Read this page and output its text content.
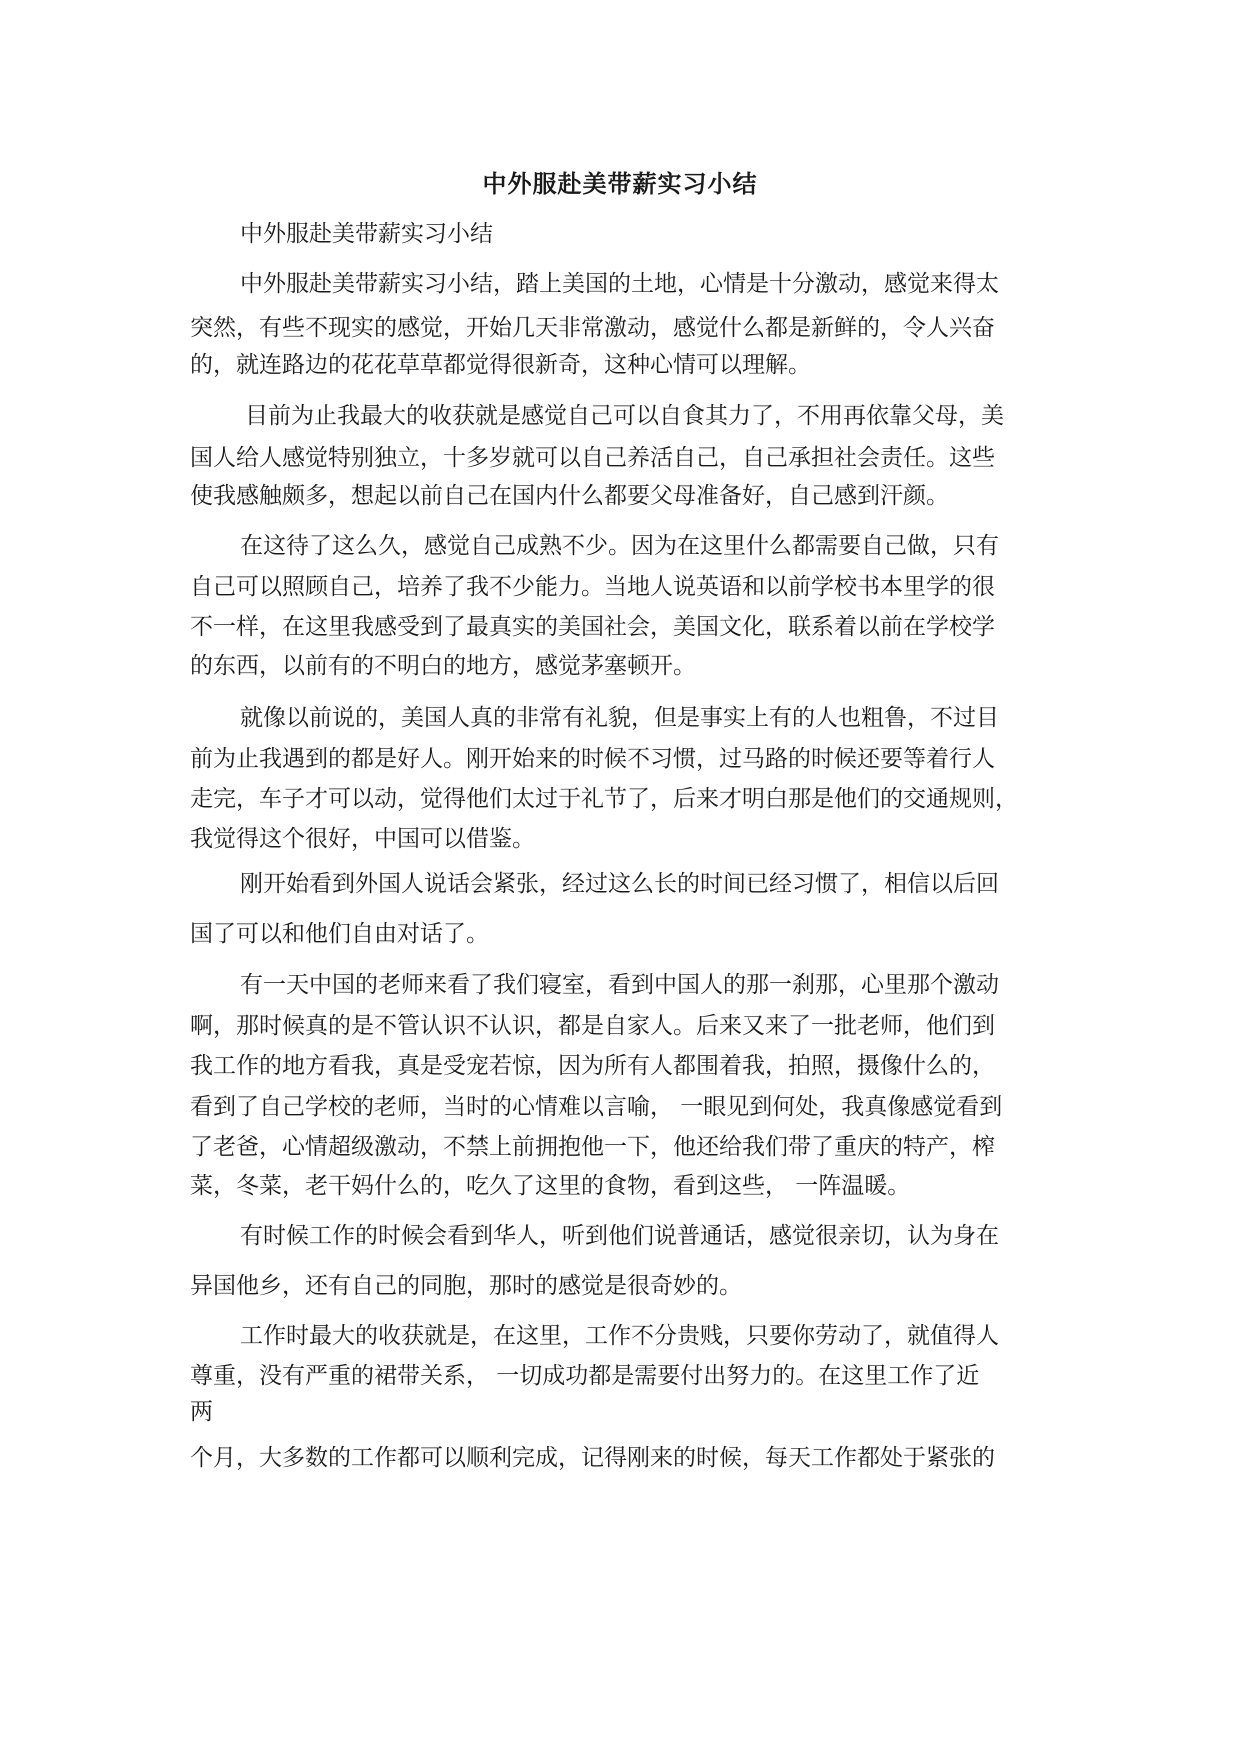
中外服赴美带薪实习小结
中外服赴美带薪实习小结
中外服赴美带薪实习小结，踏上美国的土地，心情是十分激动，感觉来得太
突然，有些不现实的感觉，开始几天非常激动，感觉什么都是新鲜的，令人兴奋
的，就连路边的花花草草都觉得很新奇，这种心情可以理解。
目前为止我最大的收获就是感觉自己可以自食其力了，不用再依靠父母，美
国人给人感觉特别独立，十多岁就可以自己养活自己，自己承担社会责任。这些
使我感触颇多，想起以前自己在国内什么都要父母准备好，自己感到汗颜。
在这待了这么久，感觉自己成熟不少。因为在这里什么都需要自己做，只有
自己可以照顾自己，培养了我不少能力。当地人说英语和以前学校书本里学的很
不一样，在这里我感受到了最真实的美国社会，美国文化，联系着以前在学校学
的东西，以前有的不明白的地方，感觉茅塞顿开。
就像以前说的，美国人真的非常有礼貌，但是事实上有的人也粗鲁，不过目
前为止我遇到的都是好人。刚开始来的时候不习惯，过马路的时候还要等着行人
走完，车子才可以动，觉得他们太过于礼节了，后来才明白那是他们的交通规则，
我觉得这个很好，中国可以借鉴。
刚开始看到外国人说话会紧张，经过这么长的时间已经习惯了，相信以后回
国了可以和他们自由对话了。
有一天中国的老师来看了我们寝室，看到中国人的那一刹那，心里那个激动
啊，那时候真的是不管认识不认识，都是自家人。后来又来了一批老师，他们到
我工作的地方看我，真是受宠若惊，因为所有人都围着我，拍照，摄像什么的，
看到了自己学校的老师，当时的心情难以言喻， 一眼见到何处，我真像感觉看到
了老爸，心情超级激动，不禁上前拥抱他一下，他还给我们带了重庆的特产，榨
菜，冬菜，老干妈什么的，吃久了这里的食物，看到这些， 一阵温暖。
有时候工作的时候会看到华人，听到他们说普通话，感觉很亲切，认为身在
异国他乡，还有自己的同胞，那时的感觉是很奇妙的。
工作时最大的收获就是，在这里，工作不分贵贱，只要你劳动了，就值得人
尊重，没有严重的裙带关系， 一切成功都是需要付出努力的。在这里工作了近
两
个月，大多数的工作都可以顺利完成，记得刚来的时候，每天工作都处于紧张的
